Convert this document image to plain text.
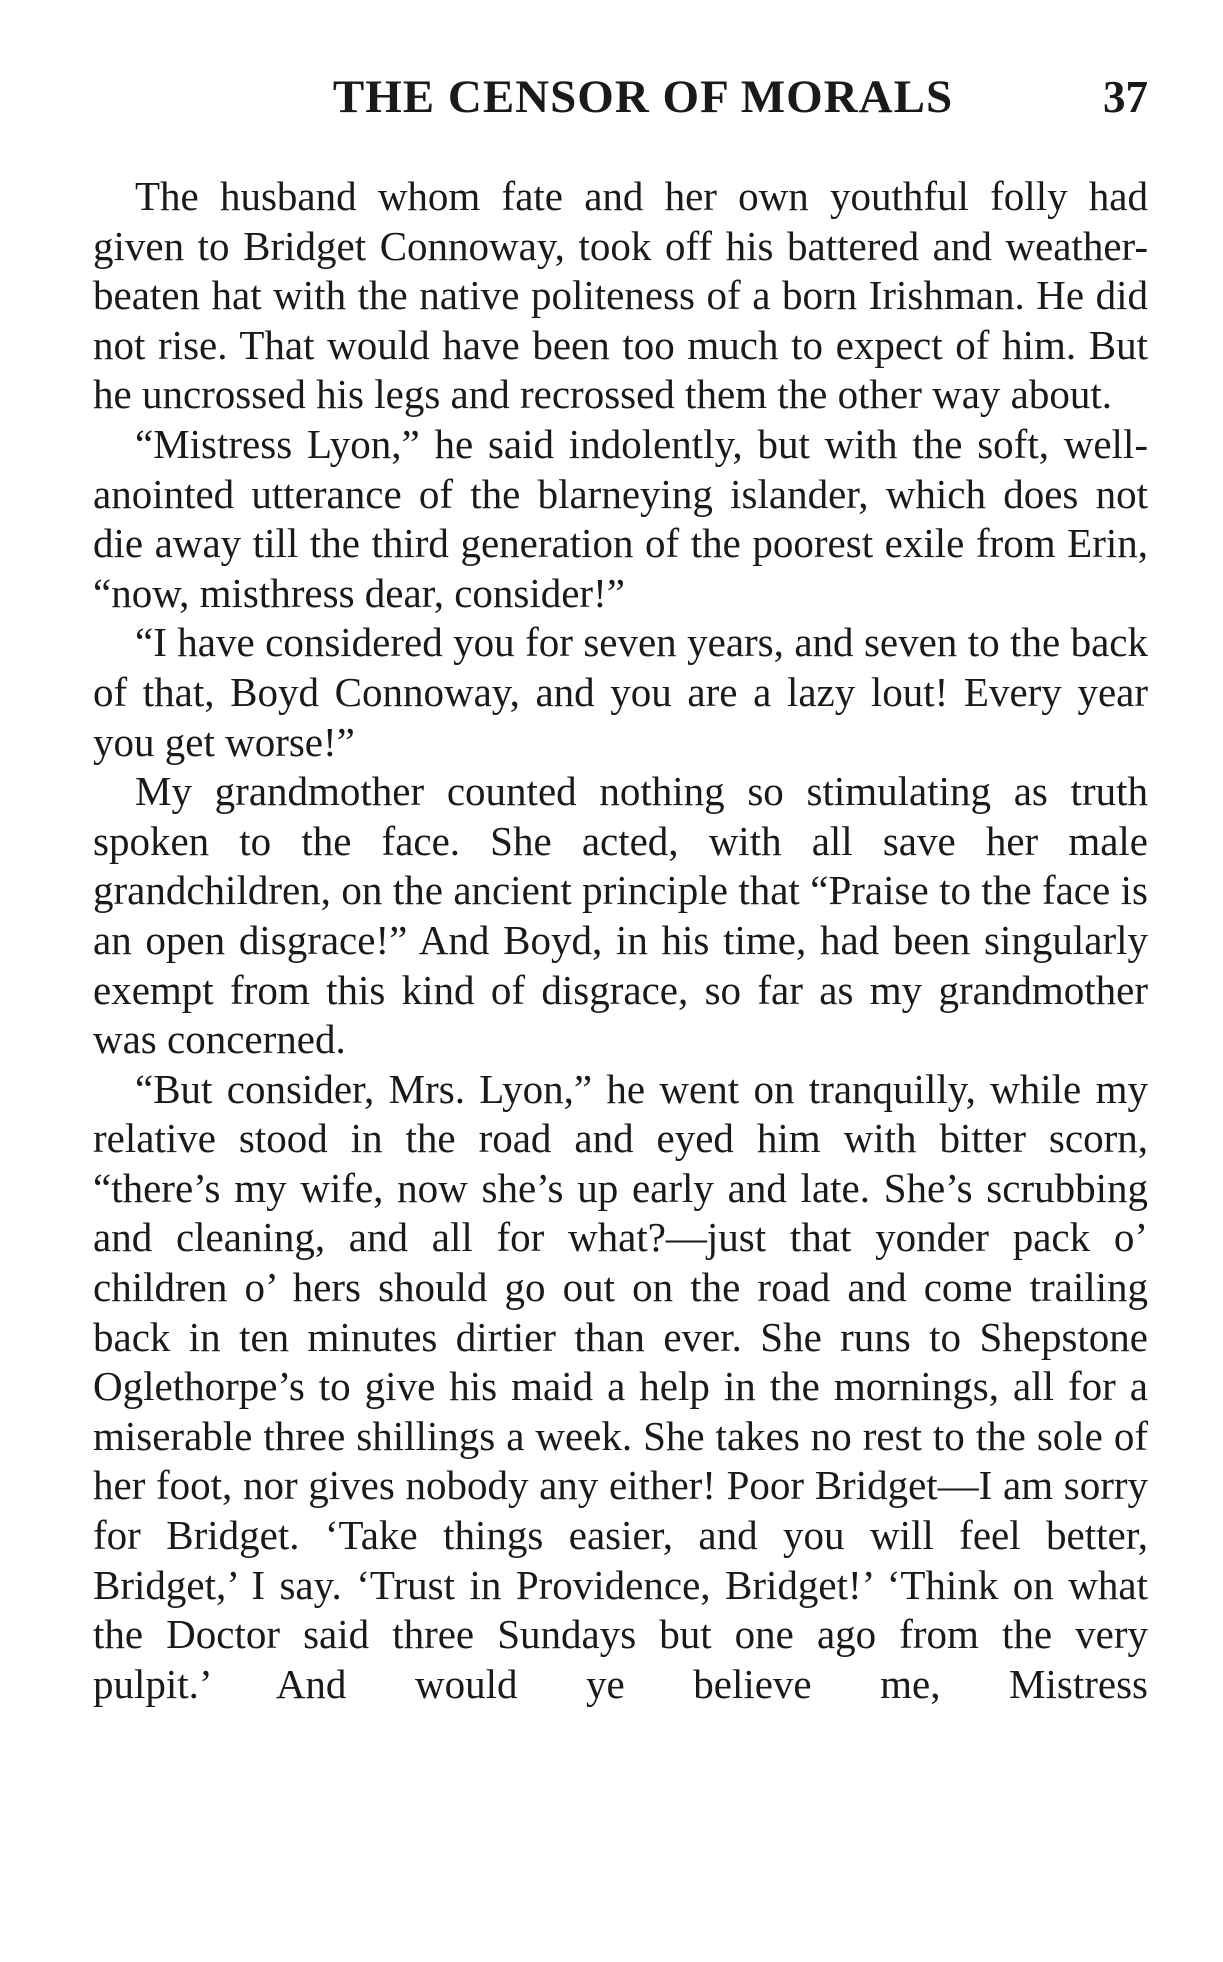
THE CENSOR OF MORALS	37

The husband whom fate and her own youthful folly had given to Bridget Connoway, took off his battered and weather-beaten hat with the native politeness of a born Irishman. He did not rise. That would have been too much to expect of him. But he uncrossed his legs and recrossed them the other way about.

“Mistress Lyon,” he said indolently, but with the soft, well-anointed utterance of the blarneying islander, which does not die away till the third generation of the poorest exile from Erin, “now, misthress dear, consider!”

“I have considered you for seven years, and seven to the back of that, Boyd Connoway, and you are a lazy lout! Every year you get worse!”

My grandmother counted nothing so stimulating as truth spoken to the face. She acted, with all save her male grandchildren, on the ancient principle that “Praise to the face is an open disgrace!” And Boyd, in his time, had been singularly exempt from this kind of disgrace, so far as my grandmother was concerned.

“But consider, Mrs. Lyon,” he went on tranquilly, while my relative stood in the road and eyed him with bitter scorn, “there’s my wife, now she’s up early and late. She’s scrubbing and cleaning, and all for what?—just that yonder pack o’ children o’ hers should go out on the road and come trailing back in ten minutes dirtier than ever. She runs to Shepstone Oglethorpe’s to give his maid a help in the mornings, all for a miserable three shillings a week. She takes no rest to the sole of her foot, nor gives nobody any either! Poor Bridget—I am sorry for Bridget. ‘Take things easier, and you will feel better, Bridget,’ I say. ‘Trust in Providence, Bridget!’ ‘Think on what the Doctor said three Sundays but one ago from the very pulpit.’ And would ye believe me, Mistress
